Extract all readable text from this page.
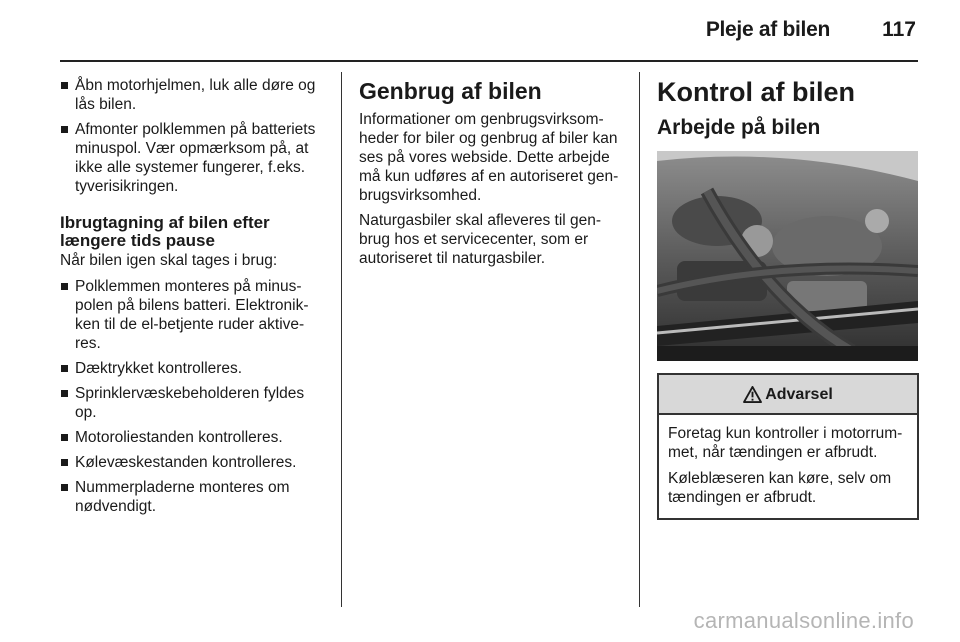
Pleje af bilen 117
Åbn motorhjelmen, luk alle døre og lås bilen.
Afmonter polklemmen på batteriets minuspol. Vær opmærksom på, at ikke alle systemer fungerer, f.eks. tyverisikringen.
Ibrugtagning af bilen efter længere tids pause

Når bilen igen skal tages i brug:

Polklemmen monteres på minus-polen på bilens batteri. Elektronik-ken til de el-betjente ruder aktive-res.
Dæktrykket kontrolleres.
Sprinklervæskebeholderen fyldes op.
Motoroliestanden kontrolleres.
Kølevæskestanden kontrolleres.
Nummerpladerne monteres om nødvendigt.
Genbrug af bilen

Informationer om genbrugsvirksom-heder for biler og genbrug af biler kan ses på vores webside. Dette arbejde må kun udføres af en autoriseret gen-brugsvirksomhed.

Naturgasbiler skal afleveres til gen-brug hos et servicecenter, som er autoriseret til naturgasbiler.

Kontrol af bilen
Arbejde på bilen
Advarsel

Foretag kun kontroller i motorrum-met, når tændingen er afbrudt.

Køleblæseren kan køre, selv om tændingen er afbrudt.

carmanualsonline.info
